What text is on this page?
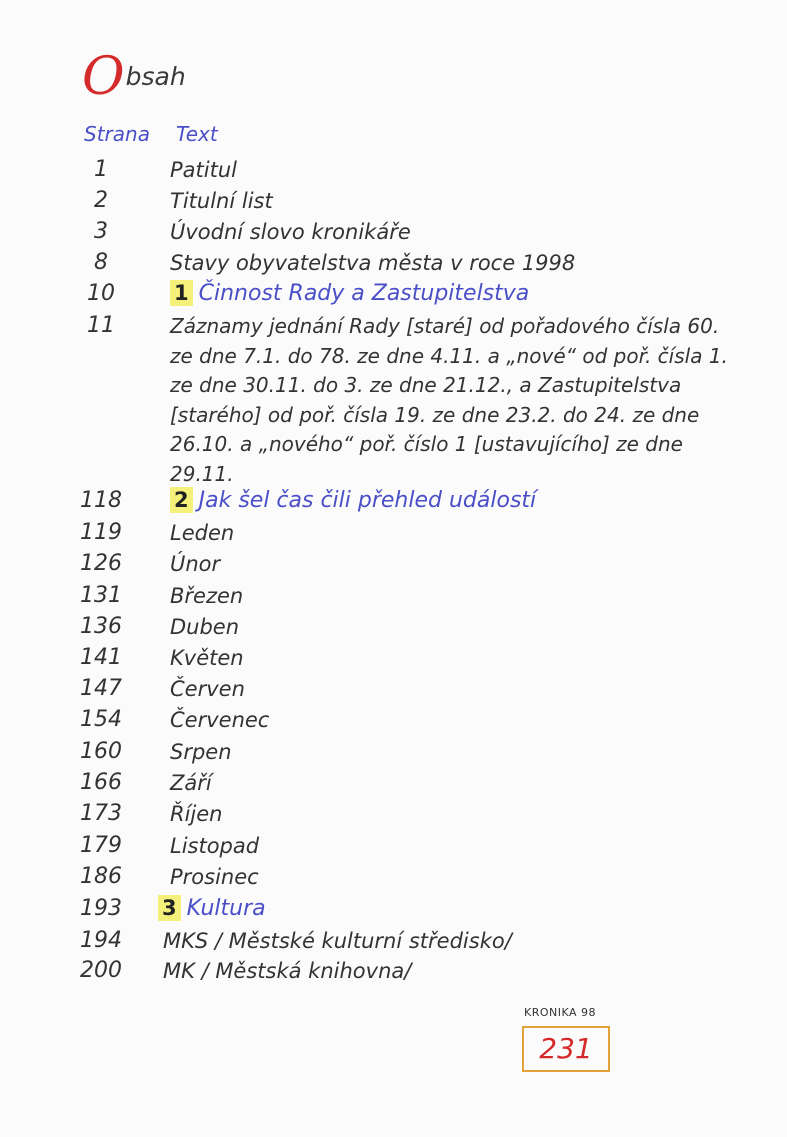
Obsah
Strana Text
1	Patitul
2	Titulní list
3	Úvodní slovo kronikáře
8	Stavy obyvatelstva města v roce 1998
10	1 Činnost Rady a Zastupitelstva
11	Záznamy jednání Rady [staré] od pořadového čísla 60. ze dne 7.1. do 78. ze dne 4.11. a „nové“ od poř. čísla 1. ze dne 30.11. do 3. ze dne 21.12., a Zastupitelstva [starého] od poř. čísla 19. ze dne 23.2. do 24. ze dne 26.10. a „nového“ poř. číslo 1 [ustavujícího] ze dne 29.11.
118	2 Jak šel čas čili přehled událostí
119	Leden
126	Únor
131	Březen
136	Duben
141	Květen
147	Červen
154	Červenec
160	Srpen
166	Září
173	Říjen
179	Listopad
186	Prosinec
193	3 Kultura
194	MKS / Městské kulturní středisko/
200	MK / Městská knihovna/
KRONIKA 98
231
